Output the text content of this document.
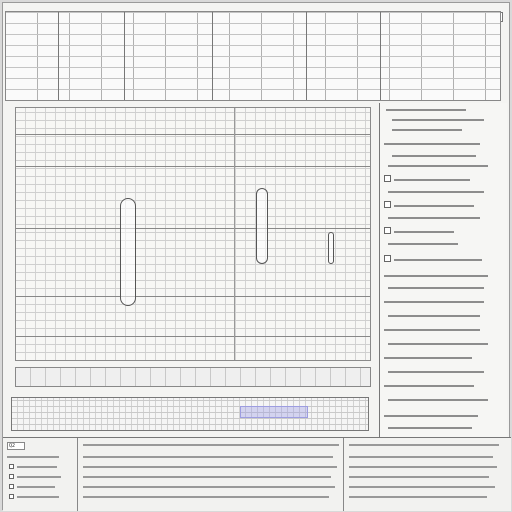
Q2
